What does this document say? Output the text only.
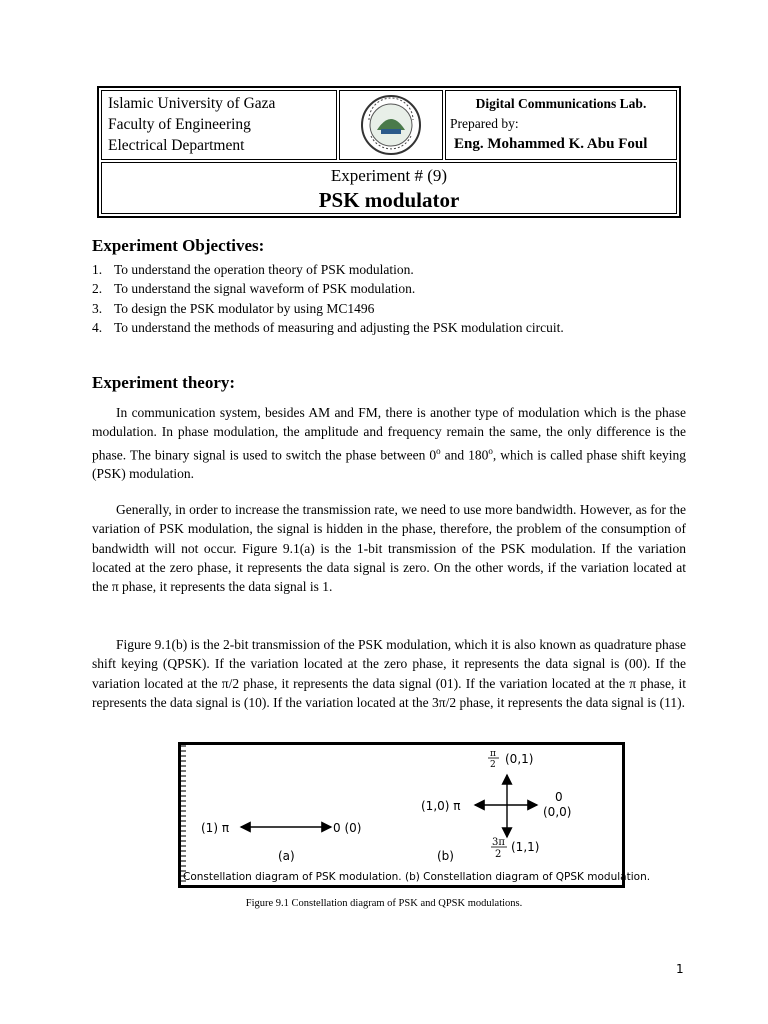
Islamic University of Gaza
Faculty of Engineering
Electrical Department
Digital Communications Lab.
Prepared by:
Eng. Mohammed K. Abu Foul
Experiment # (9)
PSK modulator
Experiment Objectives:
1. To understand the operation theory of PSK modulation.
2. To understand the signal waveform of PSK modulation.
3. To design the PSK modulator by using MC1496
4. To understand the methods of measuring and adjusting the PSK modulation circuit.
Experiment theory:

In communication system, besides AM and FM, there is another type of modulation which is the phase modulation. In phase modulation, the amplitude and frequency remain the same, the only difference is the phase. The binary signal is used to switch the phase between 0$^o$ and 180$^o$, which is called phase shift keying (PSK) modulation.

Generally, in order to increase the transmission rate, we need to use more bandwidth. However, as for the variation of PSK modulation, the signal is hidden in the phase, therefore, the problem of the consumption of bandwidth will not occur. Figure 9.1(a) is the 1-bit transmission of the PSK modulation. If the variation located at the zero phase, it represents the data signal is zero. On the other words, if the variation located at the π phase, it represents the data signal is 1.

Figure 9.1(b) is the 2-bit transmission of the PSK modulation, which it is also known as quadrature phase shift keying (QPSK). If the variation located at the zero phase, it represents the data signal is (00). If the variation located at the π/2 phase, it represents the data signal (01). If the variation located at the π phase, it represents the data signal is (10). If the variation located at the 3π/2 phase, it represents the data signal is (11).

(1) π	0 (0)
(a)
π
2 (0,1)
(1,0) π
0
(0,0)
3π
2
(1,1)
(b)
Constellation diagram of PSK modulation. (b) Constellation diagram of QPSK modulation.
Figure 9.1 Constellation diagram of PSK and QPSK modulations.
1
